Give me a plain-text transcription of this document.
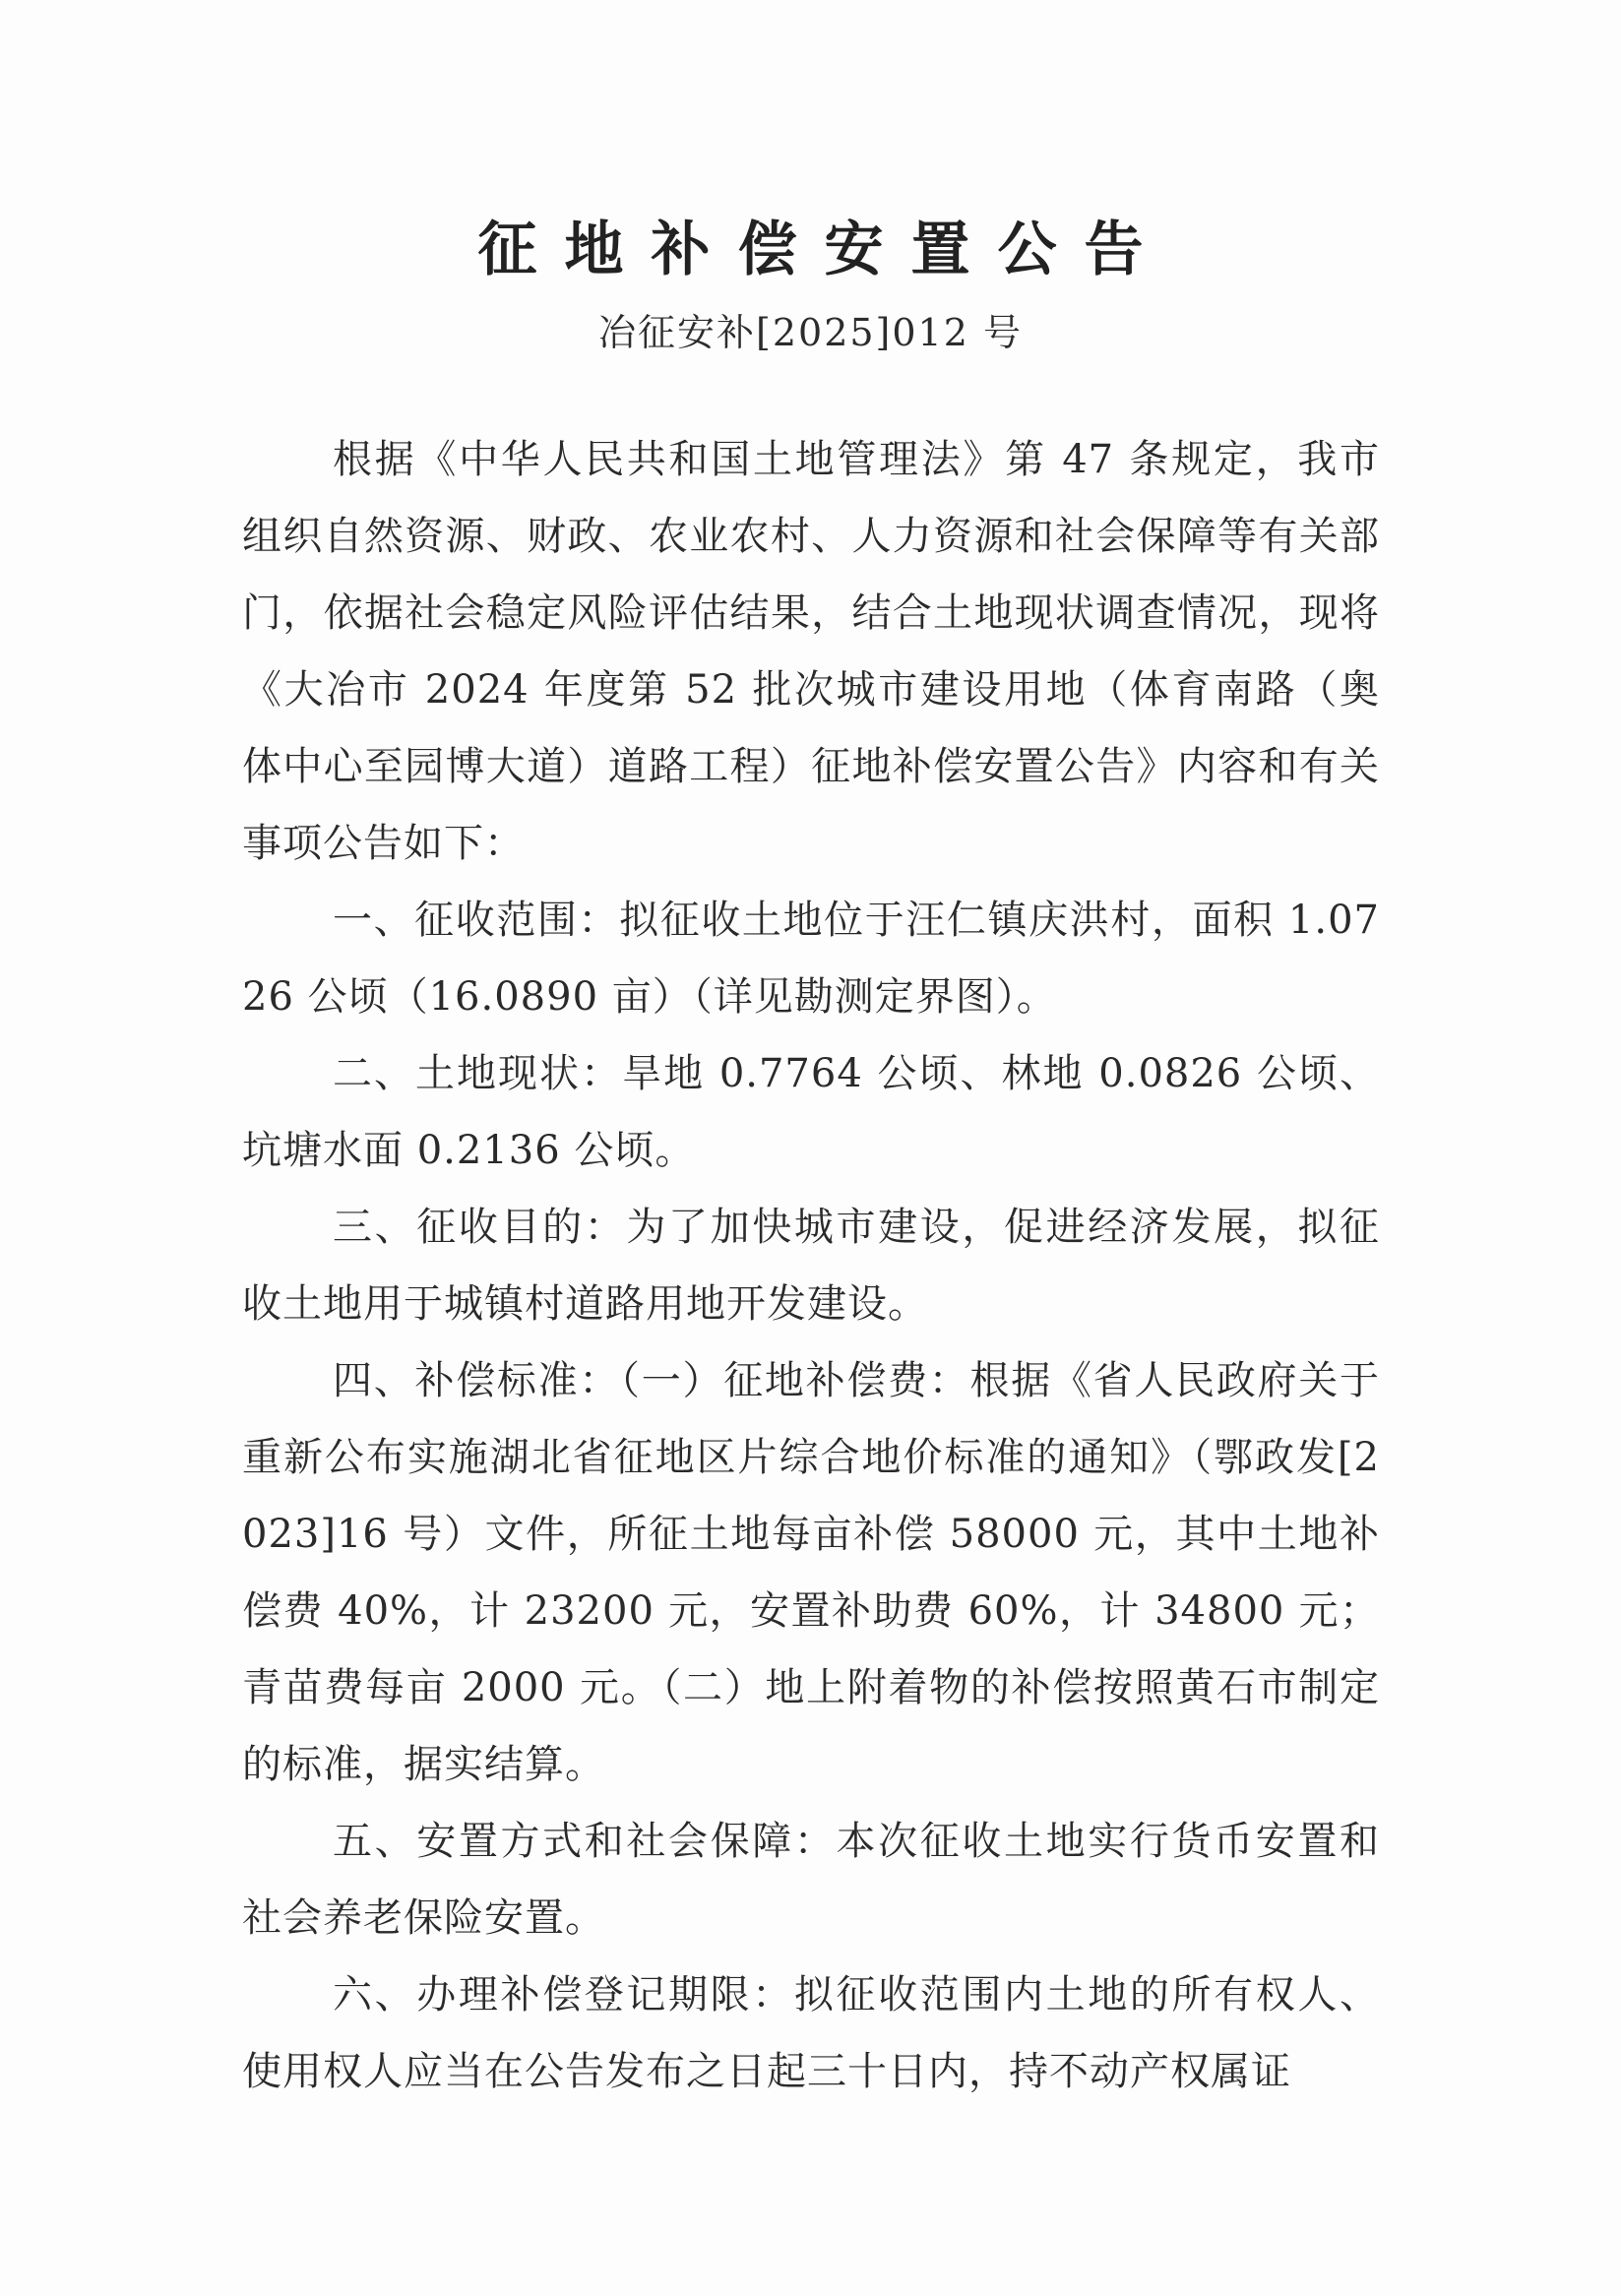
征地补偿安置公告
冶征安补[2025]012 号

根据《中华人民共和国土地管理法》第 47 条规定，我市组织自然资源、财政、农业农村、人力资源和社会保障等有关部门，依据社会稳定风险评估结果，结合土地现状调查情况，现将《大冶市 2024 年度第 52 批次城市建设用地（体育南路（奥体中心至园博大道）道路工程）征地补偿安置公告》内容和有关事项公告如下：

一、征收范围：拟征收土地位于汪仁镇庆洪村，面积 1.0726 公顷（16.0890 亩）（详见勘测定界图）。

二、土地现状：旱地 0.7764 公顷、林地 0.0826 公顷、坑塘水面 0.2136 公顷。

三、征收目的：为了加快城市建设，促进经济发展，拟征收土地用于城镇村道路用地开发建设。

四、补偿标准：（一）征地补偿费：根据《省人民政府关于重新公布实施湖北省征地区片综合地价标准的通知》（鄂政发[2023]16 号）文件，所征土地每亩补偿 58000 元，其中土地补偿费 40%，计 23200 元，安置补助费 60%，计 34800 元；青苗费每亩 2000 元。（二）地上附着物的补偿按照黄石市制定的标准，据实结算。

五、安置方式和社会保障：本次征收土地实行货币安置和社会养老保险安置。

六、办理补偿登记期限：拟征收范围内土地的所有权人、使用权人应当在公告发布之日起三十日内，持不动产权属证
